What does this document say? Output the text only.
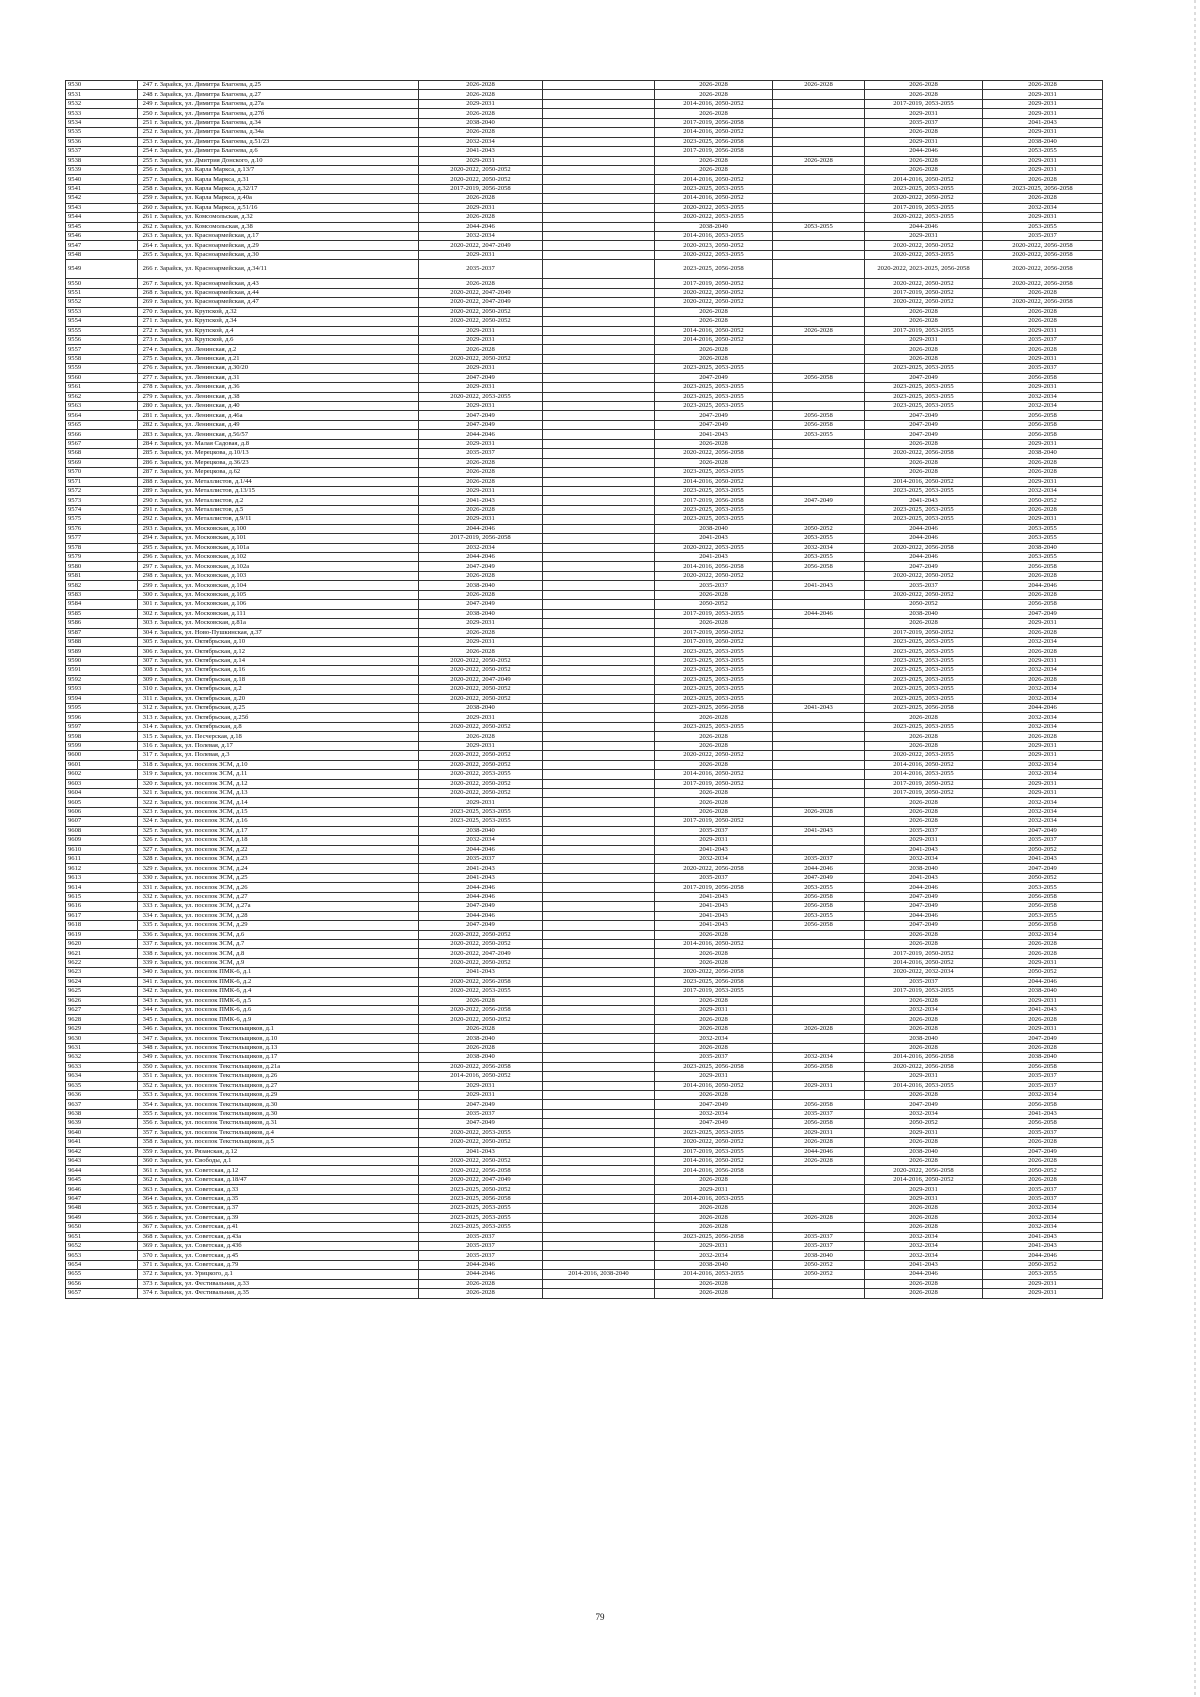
9530	247	г. Зарайск, ул. Димитра Благоева, д.25	2026-2028		2026-2028	2026-2028	2026-2028	2026-2028
9531	248	г. Зарайск, ул. Димитра Благоева, д.27	2026-2028		2026-2028		2026-2028	2029-2031
9532	249	г. Зарайск, ул. Димитра Благоева, д.27а	2029-2031		2014-2016, 2050-2052		2017-2019, 2053-2055	2029-2031
9533	250	г. Зарайск, ул. Димитра Благоева, д.27б	2026-2028		2026-2028		2029-2031	2029-2031
9534	251	г. Зарайск, ул. Димитра Благоева, д.34	2038-2040		2017-2019, 2056-2058		2035-2037	2041-2043
9535	252	г. Зарайск, ул. Димитра Благоева, д.34а	2026-2028		2014-2016, 2050-2052		2026-2028	2029-2031
9536	253	г. Зарайск, ул. Димитра Благоева, д.51/23	2032-2034		2023-2025, 2056-2058		2029-2031	2038-2040
9537	254	г. Зарайск, ул. Димитра Благоева, д.6	2041-2043		2017-2019, 2056-2058		2044-2046	2053-2055
9538	255	г. Зарайск, ул. Дмитрия Донского, д.10	2029-2031		2026-2028	2026-2028	2026-2028	2029-2031
9539	256	г. Зарайск, ул. Карла Маркса, д.13/7	2020-2022, 2050-2052		2026-2028		2026-2028	2029-2031
9540	257	г. Зарайск, ул. Карла Маркса, д.31	2020-2022, 2050-2052		2014-2016, 2050-2052		2014-2016, 2050-2052	2026-2028
9541	258	г. Зарайск, ул. Карла Маркса, д.32/17	2017-2019, 2056-2058		2023-2025, 2053-2055		2023-2025, 2053-2055	2023-2025, 2056-2058
9542	259	г. Зарайск, ул. Карла Маркса, д.40а	2026-2028		2014-2016, 2050-2052		2020-2022, 2050-2052	2026-2028
9543	260	г. Зарайск, ул. Карла Маркса, д.51/16	2029-2031		2020-2022, 2053-2055		2017-2019, 2053-2055	2032-2034
9544	261	г. Зарайск, ул. Комсомольская, д.32	2026-2028		2020-2022, 2053-2055		2020-2022, 2053-2055	2029-2031
9545	262	г. Зарайск, ул. Комсомольская, д.38	2044-2046		2038-2040	2053-2055	2044-2046	2053-2055
9546	263	г. Зарайск, ул. Красноармейская, д.17	2032-2034		2014-2016, 2053-2055		2029-2031	2035-2037
9547	264	г. Зарайск, ул. Красноармейская, д.29	2020-2022, 2047-2049		2020-2023, 2050-2052		2020-2022, 2050-2052	2020-2022, 2056-2058
9548	265	г. Зарайск, ул. Красноармейская, д.30	2029-2031		2020-2022, 2053-2055		2020-2022, 2053-2055	2020-2022, 2056-2058
9549	266	г. Зарайск, ул. Красноармейская, д.34/11	2035-2037		2023-2025, 2056-2058		2020-2022, 2023-2025, 2056-2058	2020-2022, 2056-2058
9550	267	г. Зарайск, ул. Красноармейская, д.43	2026-2028		2017-2019, 2050-2052		2020-2022, 2050-2052	2020-2022, 2056-2058
9551	268	г. Зарайск, ул. Красноармейская, д.44	2020-2022, 2047-2049		2020-2022, 2050-2052		2017-2019, 2050-2052	2026-2028
9552	269	г. Зарайск, ул. Красноармейская, д.47	2020-2022, 2047-2049		2020-2022, 2050-2052		2020-2022, 2050-2052	2020-2022, 2056-2058
9553	270	г. Зарайск, ул. Крупской, д.32	2020-2022, 2050-2052		2026-2028		2026-2028	2026-2028
9554	271	г. Зарайск, ул. Крупской, д.34	2020-2022, 2050-2052		2026-2028		2026-2028	2026-2028
9555	272	г. Зарайск, ул. Крупской, д.4	2029-2031		2014-2016, 2050-2052	2026-2028	2017-2019, 2053-2055	2029-2031
9556	273	г. Зарайск, ул. Крупской, д.6	2029-2031		2014-2016, 2050-2052		2029-2031	2035-2037
9557	274	г. Зарайск, ул. Ленинская, д.2	2026-2028		2026-2028		2026-2028	2026-2028
9558	275	г. Зарайск, ул. Ленинская, д.21	2020-2022, 2050-2052		2026-2028		2026-2028	2029-2031
9559	276	г. Зарайск, ул. Ленинская, д.30/20	2029-2031		2023-2025, 2053-2055		2023-2025, 2053-2055	2035-2037
9560	277	г. Зарайск, ул. Ленинская, д.31	2047-2049		2047-2049	2056-2058	2047-2049	2056-2058
9561	278	г. Зарайск, ул. Ленинская, д.36	2029-2031		2023-2025, 2053-2055		2023-2025, 2053-2055	2029-2031
9562	279	г. Зарайск, ул. Ленинская, д.38	2020-2022, 2053-2055		2023-2025, 2053-2055		2023-2025, 2053-2055	2032-2034
9563	280	г. Зарайск, ул. Ленинская, д.40	2029-2031		2023-2025, 2053-2055		2023-2025, 2053-2055	2032-2034
9564	281	г. Зарайск, ул. Ленинская, д.46а	2047-2049		2047-2049	2056-2058	2047-2049	2056-2058
9565	282	г. Зарайск, ул. Ленинская, д.49	2047-2049		2047-2049	2056-2058	2047-2049	2056-2058
9566	283	г. Зарайск, ул. Ленинская, д.56/57	2044-2046		2041-2043	2053-2055	2047-2049	2056-2058
9567	284	г. Зарайск, ул. Малая Садовая, д.8	2029-2031		2026-2028		2026-2028	2029-2031
9568	285	г. Зарайск, ул. Мерецкова, д.10/13	2035-2037		2020-2022, 2056-2058		2020-2022, 2056-2058	2038-2040
9569	286	г. Зарайск, ул. Мерецкова, д.36/23	2026-2028		2026-2028		2026-2028	2026-2028
9570	287	г. Зарайск, ул. Мерецкова, д.62	2026-2028		2023-2025, 2053-2055		2026-2028	2026-2028
9571	288	г. Зарайск, ул. Металлистов, д.1/44	2026-2028		2014-2016, 2050-2052		2014-2016, 2050-2052	2029-2031
9572	289	г. Зарайск, ул. Металлистов, д.13/15	2029-2031		2023-2025, 2053-2055		2023-2025, 2053-2055	2032-2034
9573	290	г. Зарайск, ул. Металлистов, д.2	2041-2043		2017-2019, 2056-2058	2047-2049	2041-2043	2050-2052
9574	291	г. Зарайск, ул. Металлистов, д.5	2026-2028		2023-2025, 2053-2055		2023-2025, 2053-2055	2026-2028
9575	292	г. Зарайск, ул. Металлистов, д.9/11	2029-2031		2023-2025, 2053-2055		2023-2025, 2053-2055	2029-2031
9576	293	г. Зарайск, ул. Московская, д.100	2044-2046		2038-2040	2050-2052	2044-2046	2053-2055
9577	294	г. Зарайск, ул. Московская, д.101	2017-2019, 2056-2058		2041-2043	2053-2055	2044-2046	2053-2055
9578	295	г. Зарайск, ул. Московская, д.101а	2032-2034		2020-2022, 2053-2055	2032-2034	2020-2022, 2056-2058	2038-2040
9579	296	г. Зарайск, ул. Московская, д.102	2044-2046		2041-2043	2053-2055	2044-2046	2053-2055
9580	297	г. Зарайск, ул. Московская, д.102а	2047-2049		2014-2016, 2056-2058	2056-2058	2047-2049	2056-2058
9581	298	г. Зарайск, ул. Московская, д.103	2026-2028		2020-2022, 2050-2052		2020-2022, 2050-2052	2026-2028
9582	299	г. Зарайск, ул. Московская, д.104	2038-2040		2035-2037	2041-2043	2035-2037	2044-2046
9583	300	г. Зарайск, ул. Московская, д.105	2026-2028		2026-2028		2020-2022, 2050-2052	2026-2028
9584	301	г. Зарайск, ул. Московская, д.106	2047-2049		2050-2052		2050-2052	2056-2058
9585	302	г. Зарайск, ул. Московская, д.111	2038-2040		2017-2019, 2053-2055	2044-2046	2038-2040	2047-2049
9586	303	г. Зарайск, ул. Московская, д.81а	2029-2031		2026-2028		2026-2028	2029-2031
9587	304	г. Зарайск, ул. Ново-Пушкинская, д.37	2026-2028		2017-2019, 2050-2052		2017-2019, 2050-2052	2026-2028
9588	305	г. Зарайск, ул. Октябрьская, д.10	2029-2031		2017-2019, 2050-2052		2023-2025, 2053-2055	2032-2034
9589	306	г. Зарайск, ул. Октябрьская, д.12	2026-2028		2023-2025, 2053-2055		2023-2025, 2053-2055	2026-2028
9590	307	г. Зарайск, ул. Октябрьская, д.14	2020-2022, 2050-2052		2023-2025, 2053-2055		2023-2025, 2053-2055	2029-2031
9591	308	г. Зарайск, ул. Октябрьская, д.16	2020-2022, 2050-2052		2023-2025, 2053-2055		2023-2025, 2053-2055	2032-2034
9592	309	г. Зарайск, ул. Октябрьская, д.18	2020-2022, 2047-2049		2023-2025, 2053-2055		2023-2025, 2053-2055	2026-2028
9593	310	г. Зарайск, ул. Октябрьская, д.2	2020-2022, 2050-2052		2023-2025, 2053-2055		2023-2025, 2053-2055	2032-2034
9594	311	г. Зарайск, ул. Октябрьская, д.20	2020-2022, 2050-2052		2023-2025, 2053-2055		2023-2025, 2053-2055	2032-2034
9595	312	г. Зарайск, ул. Октябрьская, д.25	2038-2040		2023-2025, 2056-2058	2041-2043	2023-2025, 2056-2058	2044-2046
9596	313	г. Зарайск, ул. Октябрьская, д.25б	2029-2031		2026-2028		2026-2028	2032-2034
9597	314	г. Зарайск, ул. Октябрьская, д.8	2020-2022, 2050-2052		2023-2025, 2053-2055		2023-2025, 2053-2055	2032-2034
9598	315	г. Зарайск, ул. Песчерская, д.18	2026-2028		2026-2028		2026-2028	2026-2028
9599	316	г. Зарайск, ул. Полевая, д.17	2029-2031		2026-2028		2026-2028	2029-2031
9600	317	г. Зарайск, ул. Полевая, д.3	2020-2022, 2050-2052		2020-2022, 2050-2052		2020-2022, 2053-2055	2029-2031
9601	318	г. Зарайск, ул. поселок ЗСМ, д.10	2020-2022, 2050-2052		2026-2028		2014-2016, 2050-2052	2032-2034
9602	319	г. Зарайск, ул. поселок ЗСМ, д.11	2020-2022, 2053-2055		2014-2016, 2050-2052		2014-2016, 2053-2055	2032-2034
9603	320	г. Зарайск, ул. поселок ЗСМ, д.12	2020-2022, 2050-2052		2017-2019, 2050-2052		2017-2019, 2050-2052	2029-2031
9604	321	г. Зарайск, ул. поселок ЗСМ, д.13	2020-2022, 2050-2052		2026-2028		2017-2019, 2050-2052	2029-2031
9605	322	г. Зарайск, ул. поселок ЗСМ, д.14	2029-2031		2026-2028		2026-2028	2032-2034
9606	323	г. Зарайск, ул. поселок ЗСМ, д.15	2023-2025, 2053-2055		2026-2028	2026-2028	2026-2028	2032-2034
9607	324	г. Зарайск, ул. поселок ЗСМ, д.16	2023-2025, 2053-2055		2017-2019, 2050-2052		2026-2028	2032-2034
9608	325	г. Зарайск, ул. поселок ЗСМ, д.17	2038-2040		2035-2037	2041-2043	2035-2037	2047-2049
9609	326	г. Зарайск, ул. поселок ЗСМ, д.18	2032-2034		2029-2031		2029-2031	2035-2037
9610	327	г. Зарайск, ул. поселок ЗСМ, д.22	2044-2046		2041-2043		2041-2043	2050-2052
9611	328	г. Зарайск, ул. поселок ЗСМ, д.23	2035-2037		2032-2034	2035-2037	2032-2034	2041-2043
9612	329	г. Зарайск, ул. поселок ЗСМ, д.24	2041-2043		2020-2022, 2056-2058	2044-2046	2038-2040	2047-2049
9613	330	г. Зарайск, ул. поселок ЗСМ, д.25	2041-2043		2035-2037	2047-2049	2041-2043	2050-2052
9614	331	г. Зарайск, ул. поселок ЗСМ, д.26	2044-2046		2017-2019, 2056-2058	2053-2055	2044-2046	2053-2055
9615	332	г. Зарайск, ул. поселок ЗСМ, д.27	2044-2046		2041-2043	2056-2058	2047-2049	2056-2058
9616	333	г. Зарайск, ул. поселок ЗСМ, д.27а	2047-2049		2041-2043	2056-2058	2047-2049	2056-2058
9617	334	г. Зарайск, ул. поселок ЗСМ, д.28	2044-2046		2041-2043	2053-2055	2044-2046	2053-2055
9618	335	г. Зарайск, ул. поселок ЗСМ, д.29	2047-2049		2041-2043	2056-2058	2047-2049	2056-2058
9619	336	г. Зарайск, ул. поселок ЗСМ, д.6	2020-2022, 2050-2052		2026-2028		2026-2028	2032-2034
9620	337	г. Зарайск, ул. поселок ЗСМ, д.7	2020-2022, 2050-2052		2014-2016, 2050-2052		2026-2028	2026-2028
9621	338	г. Зарайск, ул. поселок ЗСМ, д.8	2020-2022, 2047-2049		2026-2028		2017-2019, 2050-2052	2026-2028
9622	339	г. Зарайск, ул. поселок ЗСМ, д.9	2020-2022, 2050-2052		2026-2028		2014-2016, 2050-2052	2029-2031
9623	340	г. Зарайск, ул. поселок ПМК-6, д.1	2041-2043		2020-2022, 2056-2058		2020-2022, 2032-2034	2050-2052
9624	341	г. Зарайск, ул. поселок ПМК-6, д.2	2020-2022, 2056-2058		2023-2025, 2056-2058		2035-2037	2044-2046
9625	342	г. Зарайск, ул. поселок ПМК-6, д.4	2020-2022, 2053-2055		2017-2019, 2053-2055		2017-2019, 2053-2055	2038-2040
9626	343	г. Зарайск, ул. поселок ПМК-6, д.5	2026-2028		2026-2028		2026-2028	2029-2031
9627	344	г. Зарайск, ул. поселок ПМК-6, д.6	2020-2022, 2056-2058		2029-2031		2032-2034	2041-2043
9628	345	г. Зарайск, ул. поселок ПМК-6, д.9	2020-2022, 2050-2052		2026-2028		2026-2028	2026-2028
9629	346	г. Зарайск, ул. поселок Текстильщиков, д.1	2026-2028		2026-2028	2026-2028	2026-2028	2029-2031
9630	347	г. Зарайск, ул. поселок Текстильщиков, д.10	2038-2040		2032-2034		2038-2040	2047-2049
9631	348	г. Зарайск, ул. поселок Текстильщиков, д.13	2026-2028		2026-2028		2026-2028	2026-2028
9632	349	г. Зарайск, ул. поселок Текстильщиков, д.17	2038-2040		2035-2037	2032-2034	2014-2016, 2056-2058	2038-2040
9633	350	г. Зарайск, ул. поселок Текстильщиков, д.21а	2020-2022, 2056-2058		2023-2025, 2056-2058	2056-2058	2020-2022, 2056-2058	2056-2058
9634	351	г. Зарайск, ул. поселок Текстильщиков, д.26	2014-2016, 2050-2052		2029-2031		2029-2031	2035-2037
9635	352	г. Зарайск, ул. поселок Текстильщиков, д.27	2029-2031		2014-2016, 2050-2052	2029-2031	2014-2016, 2053-2055	2035-2037
9636	353	г. Зарайск, ул. поселок Текстильщиков, д.29	2029-2031		2026-2028		2026-2028	2032-2034
9637	354	г. Зарайск, ул. поселок Текстильщиков, д.30	2047-2049		2047-2049	2056-2058	2047-2049	2056-2058
9638	355	г. Зарайск, ул. поселок Текстильщиков, д.30	2035-2037		2032-2034	2035-2037	2032-2034	2041-2043
9639	356	г. Зарайск, ул. поселок Текстильщиков, д.31	2047-2049		2047-2049	2056-2058	2050-2052	2056-2058
9640	357	г. Зарайск, ул. поселок Текстильщиков, д.4	2020-2022, 2053-2055		2023-2025, 2053-2055	2029-2031	2029-2031	2035-2037
9641	358	г. Зарайск, ул. поселок Текстильщиков, д.5	2020-2022, 2050-2052		2020-2022, 2050-2052	2026-2028	2026-2028	2026-2028
9642	359	г. Зарайск, ул. Рязанская, д.12	2041-2043		2017-2019, 2053-2055	2044-2046	2038-2040	2047-2049
9643	360	г. Зарайск, ул. Свободы, д.1	2020-2022, 2050-2052		2014-2016, 2050-2052	2026-2028	2026-2028	2026-2028
9644	361	г. Зарайск, ул. Советская, д.12	2020-2022, 2056-2058		2014-2016, 2056-2058		2020-2022, 2056-2058	2050-2052
9645	362	г. Зарайск, ул. Советская, д.18/47	2020-2022, 2047-2049		2026-2028		2014-2016, 2050-2052	2026-2028
9646	363	г. Зарайск, ул. Советская, д.33	2023-2025, 2050-2052		2029-2031		2029-2031	2035-2037
9647	364	г. Зарайск, ул. Советская, д.35	2023-2025, 2056-2058		2014-2016, 2053-2055		2029-2031	2035-2037
9648	365	г. Зарайск, ул. Советская, д.37	2023-2025, 2053-2055		2026-2028		2026-2028	2032-2034
9649	366	г. Зарайск, ул. Советская, д.39	2023-2025, 2053-2055		2026-2028	2026-2028	2026-2028	2032-2034
9650	367	г. Зарайск, ул. Советская, д.41	2023-2025, 2053-2055		2026-2028		2026-2028	2032-2034
9651	368	г. Зарайск, ул. Советская, д.43а	2035-2037		2023-2025, 2056-2058	2035-2037	2032-2034	2041-2043
9652	369	г. Зарайск, ул. Советская, д.43б	2035-2037		2029-2031	2035-2037	2032-2034	2041-2043
9653	370	г. Зарайск, ул. Советская, д.45	2035-2037		2032-2034	2038-2040	2032-2034	2044-2046
9654	371	г. Зарайск, ул. Советская, д.79	2044-2046		2038-2040	2050-2052	2041-2043	2050-2052
9655	372	г. Зарайск, ул. Урицкого, д.1	2044-2046	2014-2016, 2038-2040	2014-2016, 2053-2055	2050-2052	2044-2046	2053-2055
9656	373	г. Зарайск, ул. Фестивальная, д.33	2026-2028		2026-2028		2026-2028	2029-2031
9657	374	г. Зарайск, ул. Фестивальная, д.35	2026-2028		2026-2028		2026-2028	2029-2031
79
